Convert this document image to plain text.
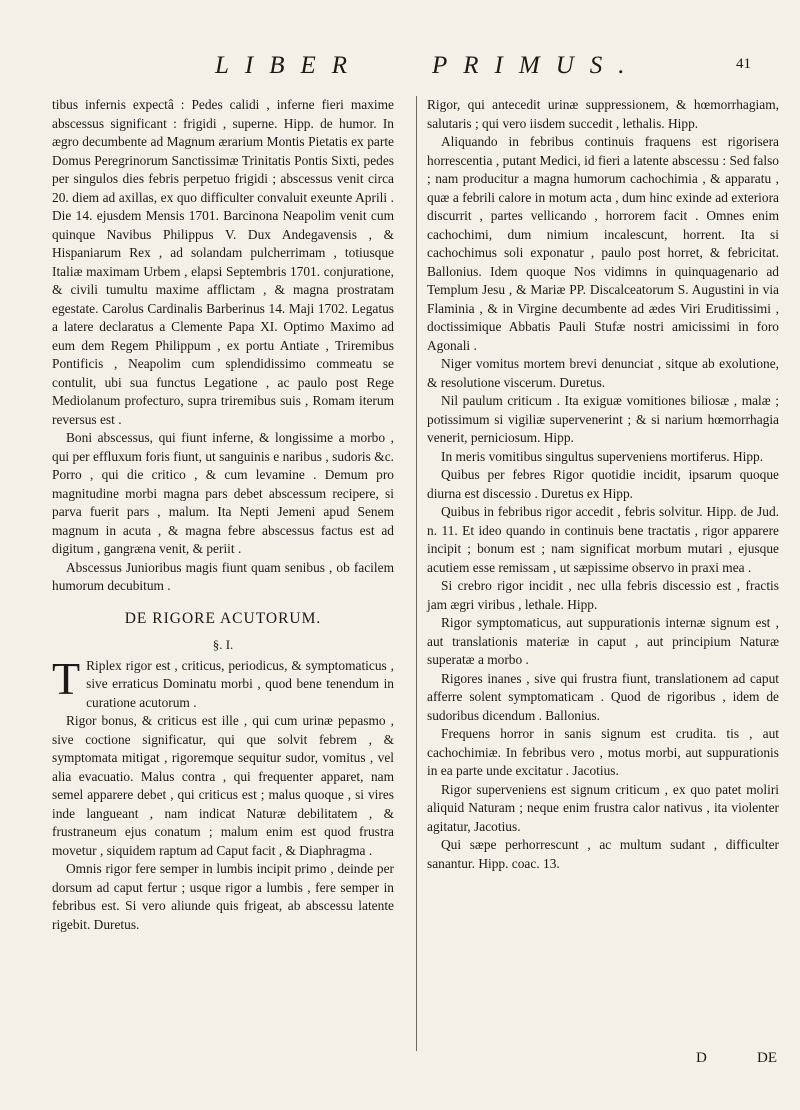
LIBER	PRIMUS.	41

tibus infernis expectâ : Pedes calidi , inferne fieri maxime abscessus significant : frigidi , superne. Hipp. de humor. In ægro decumbente ad Magnum ærarium Montis Pietatis ex parte Domus Peregrinorum Sanctissimæ Trinitatis Pontis Sixti, pedes per singulos dies febris perpetuo frigidi ; abscessus venit circa 20. diem ad axillas, ex quo difficulter convaluit exeunte Aprili . Die 14. ejusdem Mensis 1701. Barcinona Neapolim venit cum quinque Navibus Philippus V. Dux Andegavensis , & Hispaniarum Rex , ad solandam pulcherrimam , totiusque Italiæ maximam Urbem , elapsi Septembris 1701. conjuratione, & civili tumultu maxime afflictam , & magna prostratam egestate. Carolus Cardinalis Barberinus 14. Maji 1702. Legatus a latere declaratus a Clemente Papa XI. Optimo Maximo ad eum dem Regem Philippum , ex portu Antiate , Triremibus Pontificis , Neapolim cum splendidissimo commeatu se contulit, ubi sua functus Legatione , ac paulo post Rege Mediolanum profecturo, supra triremibus suis , Romam iterum reversus est .

Boni abscessus, qui fiunt inferne, & longissime a morbo , qui per effluxum foris fiunt, ut sanguinis e naribus , sudoris &c. Porro , qui die critico , & cum levamine . Demum pro magnitudine morbi magna pars debet abscessum recipere, si parva fuerit pars , malum. Ita Nepti Jemeni apud Senem magnum in acuta , & magna febre abscessus factus est ad digitum , gangræna venit, & periit .

Abscessus Junioribus magis fiunt quam senibus , ob facilem humorum decubitum .

DE RIGORE ACUTORUM.
§. I.

T Riplex rigor est , criticus, periodicus, & symptomaticus , sive erraticus Dominatu morbi , quod bene tenendum in curatione acutorum .

Rigor bonus, & criticus est ille , qui cum urinæ pepasmo , sive coctione significatur, qui que solvit febrem , & symptomata mitigat , rigoremque sequitur sudor, vomitus , vel alia evacuatio. Malus contra , qui frequenter apparet, nam semel apparere debet , qui criticus est ; malus quoque , si vires inde langueant , nam indicat Naturæ debilitatem , & frustraneum ejus conatum ; malum enim est quod frustra movetur , siquidem raptum ad Caput facit , & Diaphragma .

Omnis rigor fere semper in lumbis incipit primo , deinde per dorsum ad caput fertur ; usque rigor a lumbis , fere semper in febribus est. Si vero aliunde quis frigeat, ab abscessu latente rigebit. Duretus.

Rigor, qui antecedit urinæ suppressionem, & hœmorrhagiam, salutaris ; qui vero iisdem succedit , lethalis. Hipp.

Aliquando in febribus continuis fraquens est rigorisera horrescentia , putant Medici, id fieri a latente abscessu : Sed falso ; nam producitur a magna humorum cachochimia , & apparatu , quæ a febrili calore in motum acta , dum hinc exinde ad exteriora discurrit , partes vellicando , horrorem facit . Omnes enim cachochimi, dum nimium incalescunt, horrent. Ita si cachochimus soli exponatur , paulo post horret, & febricitat. Ballonius. Idem quoque Nos vidimns in quinquagenario ad Templum Jesu , & Mariæ PP. Discalceatorum S. Augustini in via Flaminia , & in Virgine decumbente ad ædes Viri Eruditissimi , doctissimique Abbatis Pauli Stufæ nostri amicissimi in foro Agonali .

Niger vomitus mortem brevi denunciat , sitque ab exolutione, & resolutione viscerum. Duretus.

Nil paulum criticum . Ita exiguæ vomitiones biliosæ , malæ ; potissimum si vigiliæ supervenerint ; & si narium hœmorrhagia venerit, perniciosum. Hipp.

In meris vomitibus singultus superveniens mortiferus. Hipp.

Quibus per febres Rigor quotidie incidit, ipsarum quoque diurna est discessio . Duretus ex Hipp.

Quibus in febribus rigor accedit , febris solvitur. Hipp. de Jud. n. 11. Et ideo quando in continuis bene tractatis , rigor apparere incipit ; bonum est ; nam significat morbum mutari , ejusque acutiem esse remissam , ut sæpissime observo in praxi mea .

Si crebro rigor incidit , nec ulla febris discessio est , fractis jam ægri viribus , lethale. Hipp.

Rigor symptomaticus, aut suppurationis internæ signum est , aut translationis materiæ in caput , aut principium Naturæ superatæ a morbo .

Rigores inanes , sive qui frustra fiunt, translationem ad caput afferre solent symptomaticam . Quod de rigoribus , idem de sudoribus dicendum . Ballonius.

Frequens horror in sanis signum est crudita. tis , aut cachochimiæ. In febribus vero , motus morbi, aut suppurationis in ea parte unde excitatur . Jacotius.

Rigor superveniens est signum criticum , ex quo patet moliri aliquid Naturam ; neque enim frustra calor nativus , ita violenter agitatur, Jacotius.

Qui sæpe perhorrescunt , ac multum sudant , difficulter sanantur. Hipp. coac. 13.

D	DE
